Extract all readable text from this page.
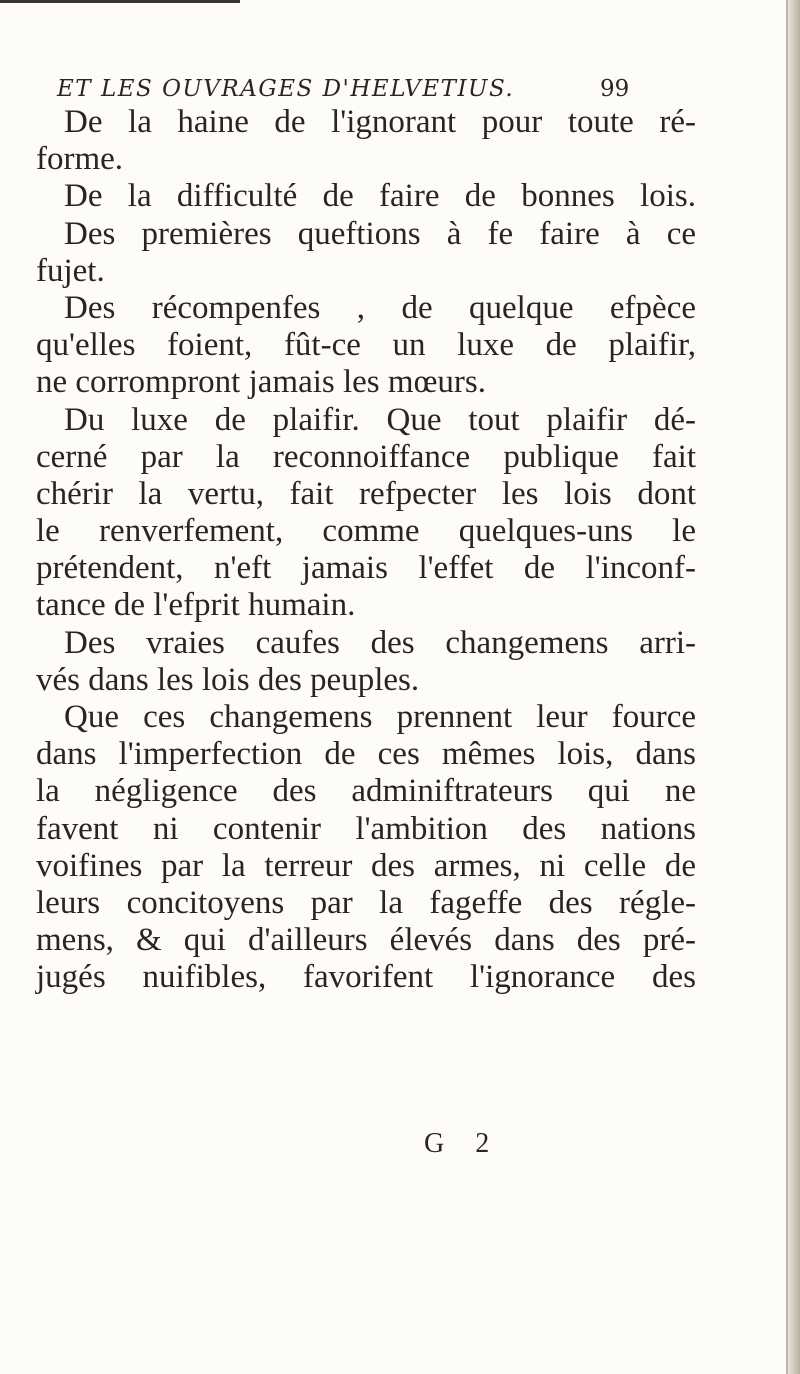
ET LES OUVRAGES D'HELVETIUS.	99
De la haine de l'ignorant pour toute ré-
forme.
De la difficulté de faire de bonnes lois.
Des premières queftions à fe faire à ce
fujet.
Des récompenfes , de quelque efpèce
qu'elles foient, fût-ce un luxe de plaifir,
ne corrompront jamais les mœurs.
Du luxe de plaifir. Que tout plaifir dé-
cerné par la reconnoiffance publique fait
chérir la vertu, fait refpecter les lois dont
le renverfement, comme quelques-uns le
prétendent, n'eft jamais l'effet de l'inconf-
tance de l'efprit humain.
Des vraies caufes des changemens arri-
vés dans les lois des peuples.
Que ces changemens prennent leur fource
dans l'imperfection de ces mêmes lois, dans
la négligence des adminiftrateurs qui ne
favent ni contenir l'ambition des nations
voifines par la terreur des armes, ni celle de
leurs concitoyens par la fageffe des régle-
mens, & qui d'ailleurs élevés dans des pré-
jugés nuifibles, favorifent l'ignorance des
G 2
